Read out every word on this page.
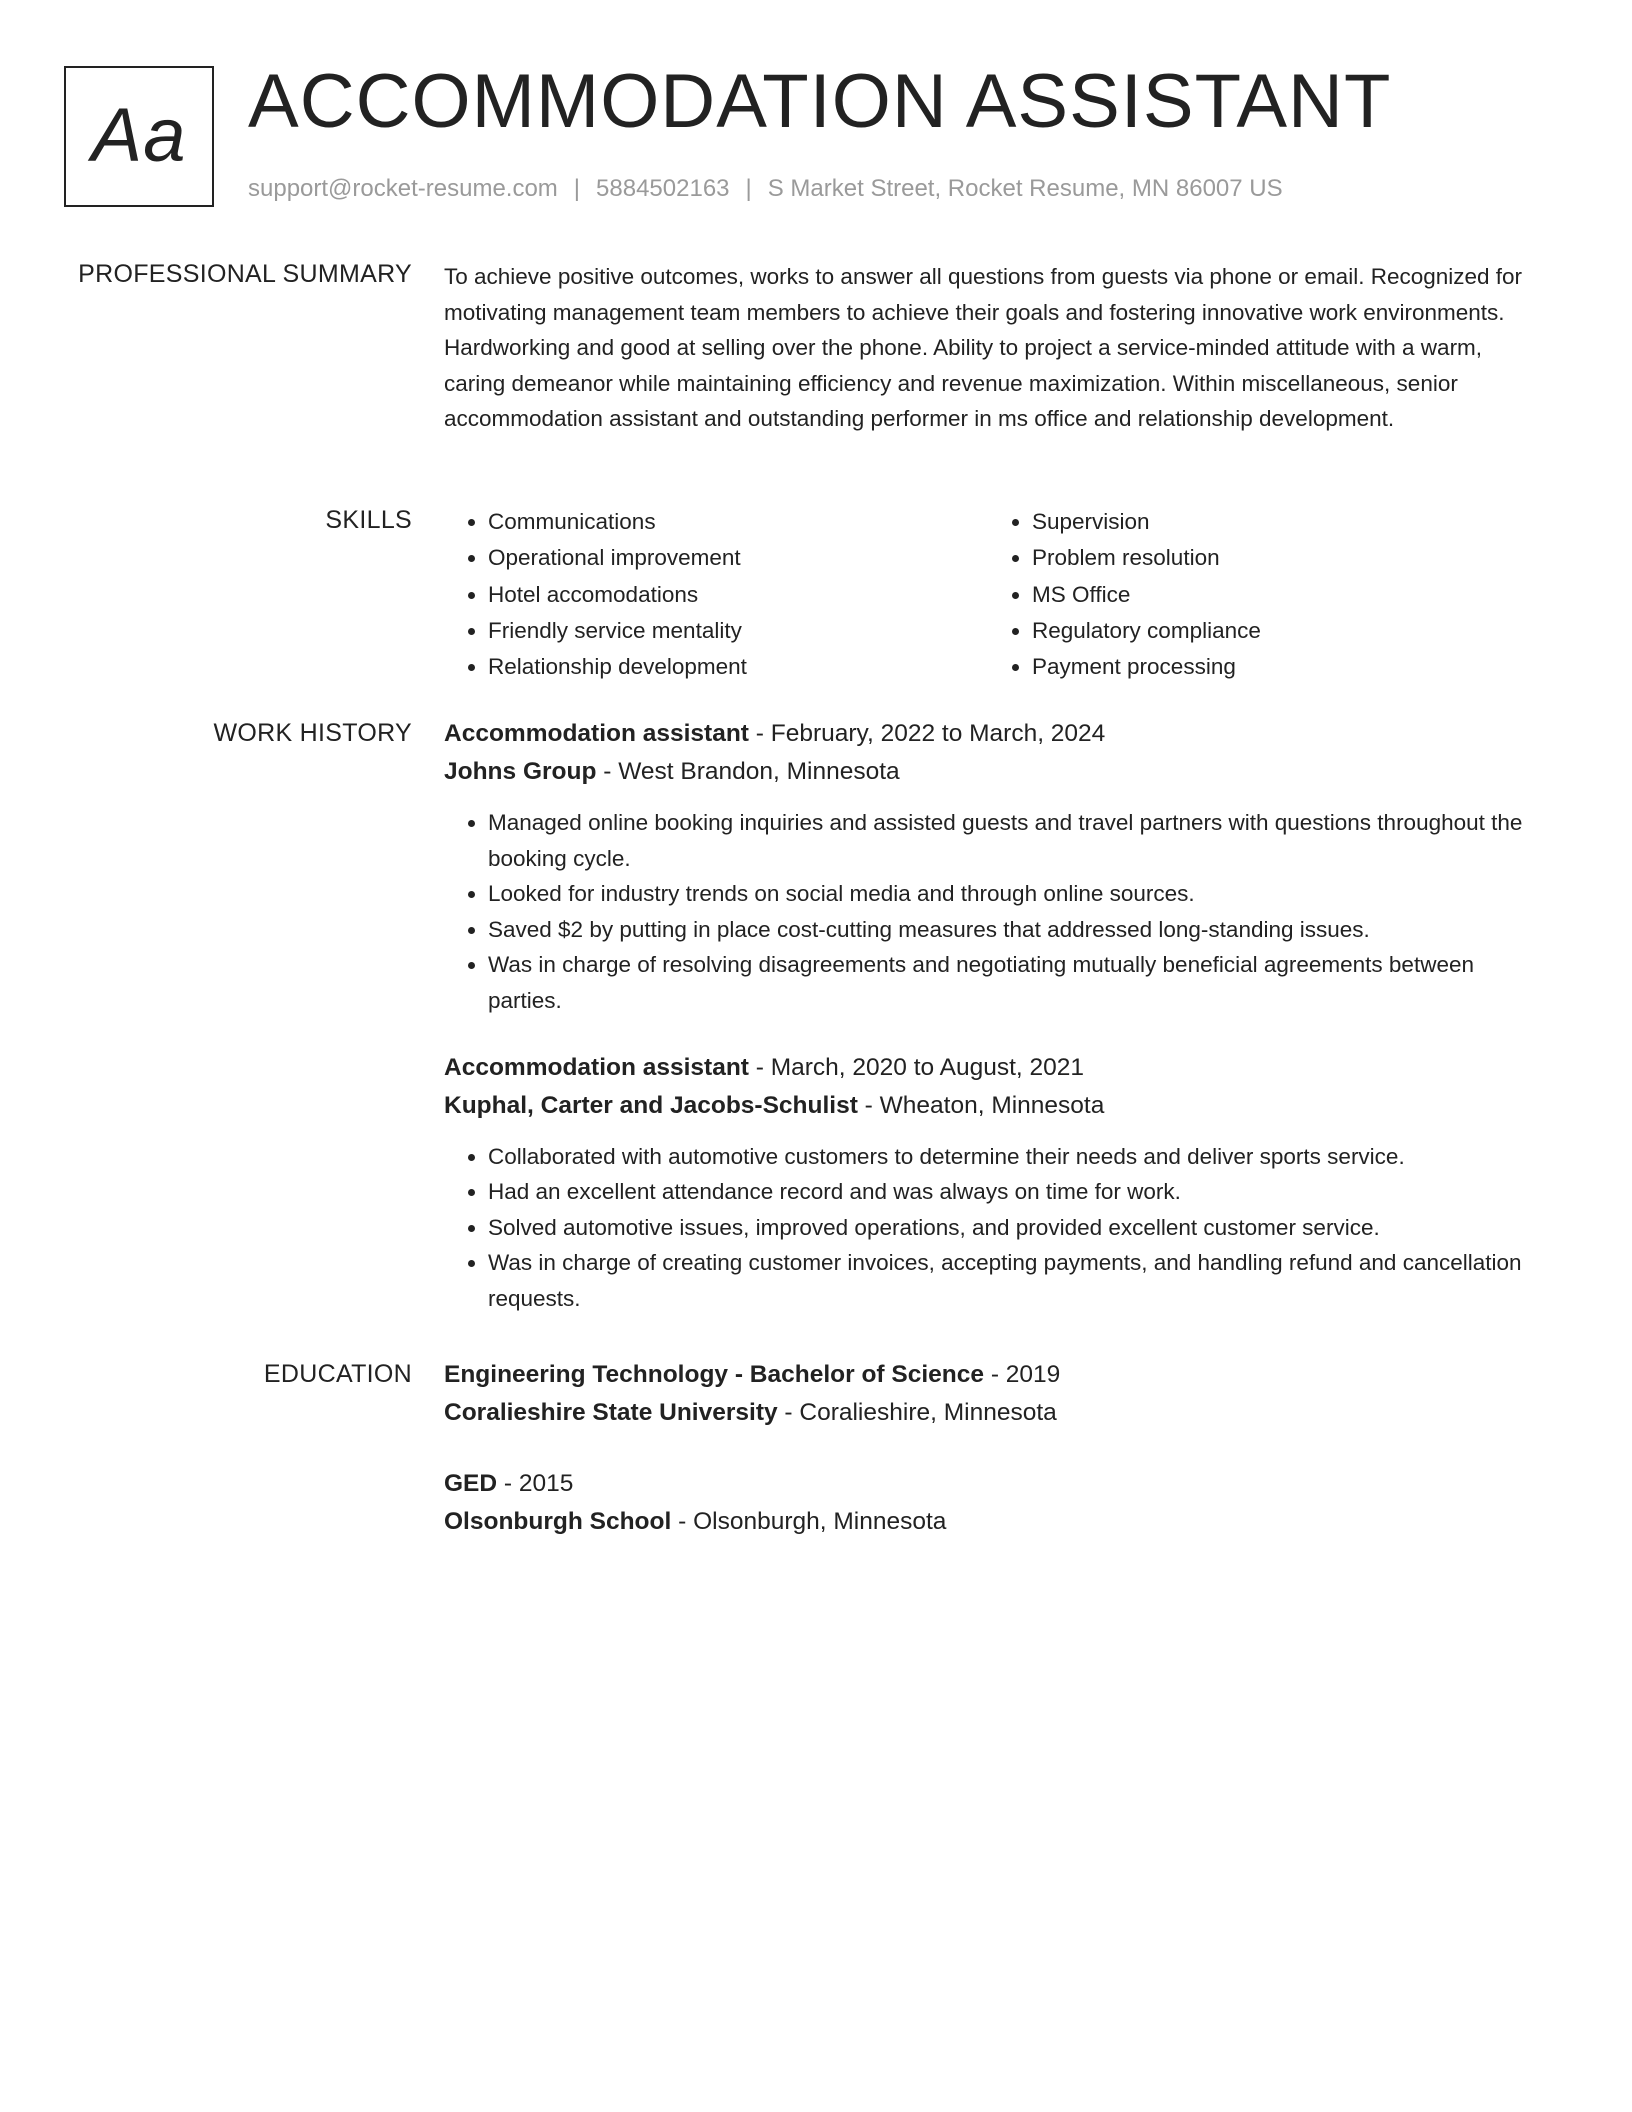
Aa ACCOMMODATION ASSISTANT
support@rocket-resume.com | 5884502163 | S Market Street, Rocket Resume, MN 86007 US
PROFESSIONAL SUMMARY To achieve positive outcomes, works to answer all questions from guests via phone or email. Recognized for motivating management team members to achieve their goals and fostering innovative work environments. Hardworking and good at selling over the phone. Ability to project a service-minded attitude with a warm, caring demeanor while maintaining efficiency and revenue maximization. Within miscellaneous, senior accommodation assistant and outstanding performer in ms office and relationship development.

SKILLS
•	Communications
• Operational improvement
• Hotel accomodations
• Friendly service mentality
• Relationship development
• Supervision
• Problem resolution
• MS Office
• Regulatory compliance
• Payment processing
WORK HISTORY Accommodation assistant - February, 2022 to March, 2024
Johns Group - West Brandon, Minnesota
• Managed online booking inquiries and assisted guests and travel partners with questions throughout the booking cycle.
• Looked for industry trends on social media and through online sources.
• Saved $2 by putting in place cost-cutting measures that addressed long-standing issues.
• Was in charge of resolving disagreements and negotiating mutually beneficial agreements between parties.
Accommodation assistant - March, 2020 to August, 2021
Kuphal, Carter and Jacobs-Schulist - Wheaton, Minnesota
• Collaborated with automotive customers to determine their needs and deliver sports service.
• Had an excellent attendance record and was always on time for work.
• Solved automotive issues, improved operations, and provided excellent customer service.
• Was in charge of creating customer invoices, accepting payments, and handling refund and cancellation requests.
EDUCATION Engineering Technology - Bachelor of Science - 2019
Coralieshire State University - Coralieshire, Minnesota
GED - 2015
Olsonburgh School - Olsonburgh, Minnesota
